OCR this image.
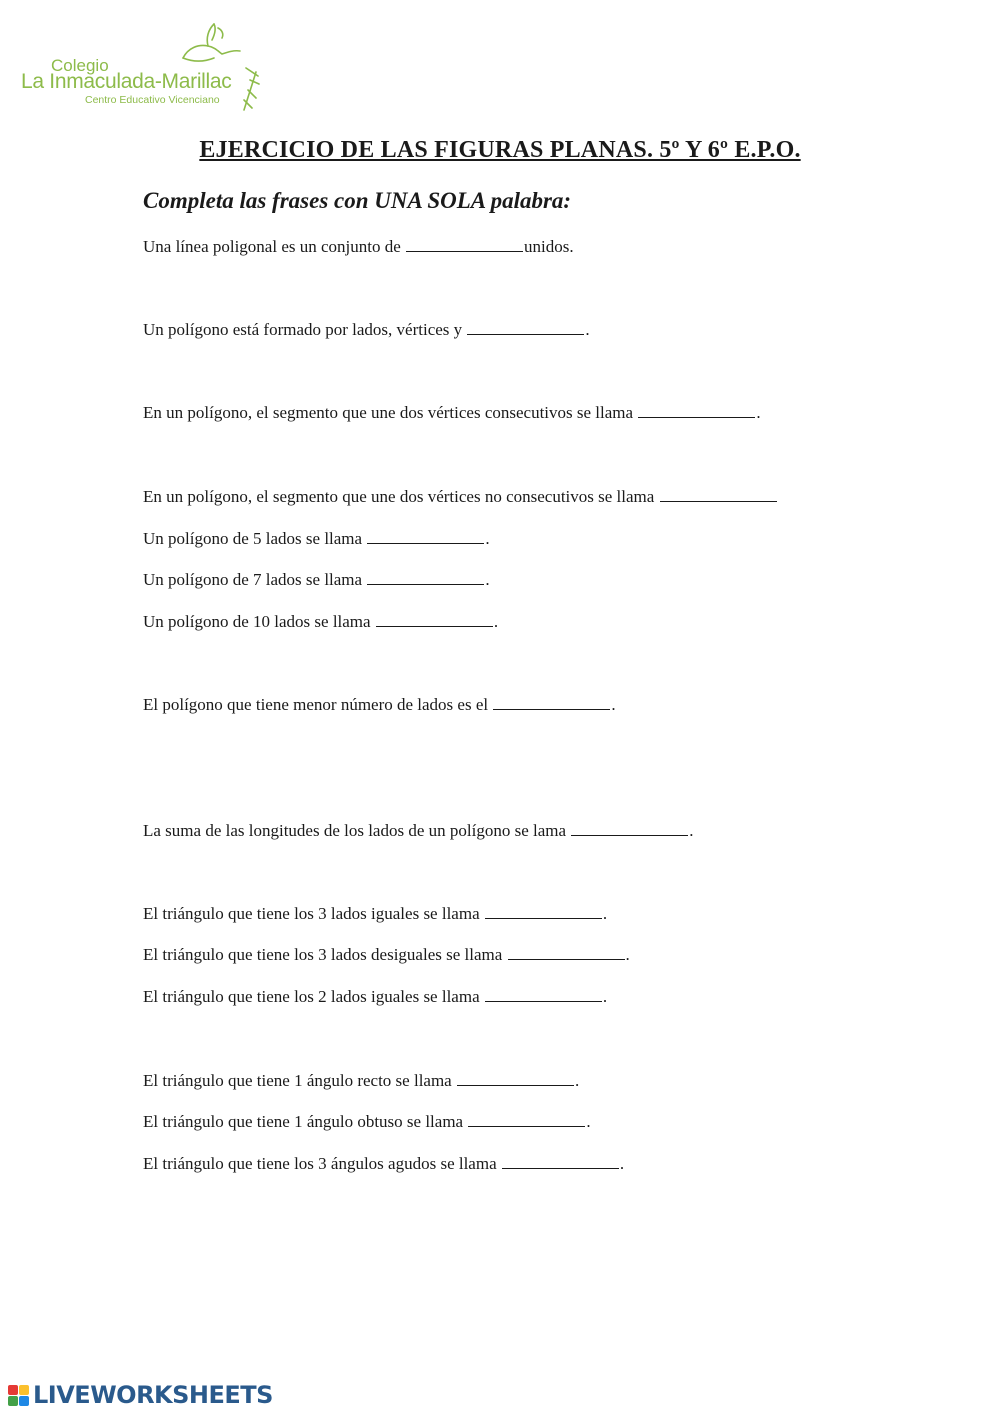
Colegio
La Inmaculada-Marillac
Centro Educativo Vicenciano
EJERCICIO DE LAS FIGURAS PLANAS. 5º Y 6º E.P.O.
Completa las frases con UNA SOLA palabra:
Una línea poligonal es un conjunto de	unidos.
Un polígono está formado por lados, vértices y	.
En un polígono, el segmento que une dos vértices consecutivos se llama	.
En un polígono, el segmento que une dos vértices no consecutivos se llama
Un polígono de 5 lados se llama	.
Un polígono de 7 lados se llama	.
Un polígono de 10 lados se llama	.
El polígono que tiene menor número de lados es el	.
La suma de las longitudes de los lados de un polígono se lama	.
El triángulo que tiene los 3 lados iguales se llama	.
El triángulo que tiene los 3 lados desiguales se llama	.
El triángulo que tiene los 2 lados iguales se llama	.
El triángulo que tiene 1 ángulo recto se llama	.
El triángulo que tiene 1 ángulo obtuso se llama	.
El triángulo que tiene los 3 ángulos agudos se llama	.
LIVEWORKSHEETS
